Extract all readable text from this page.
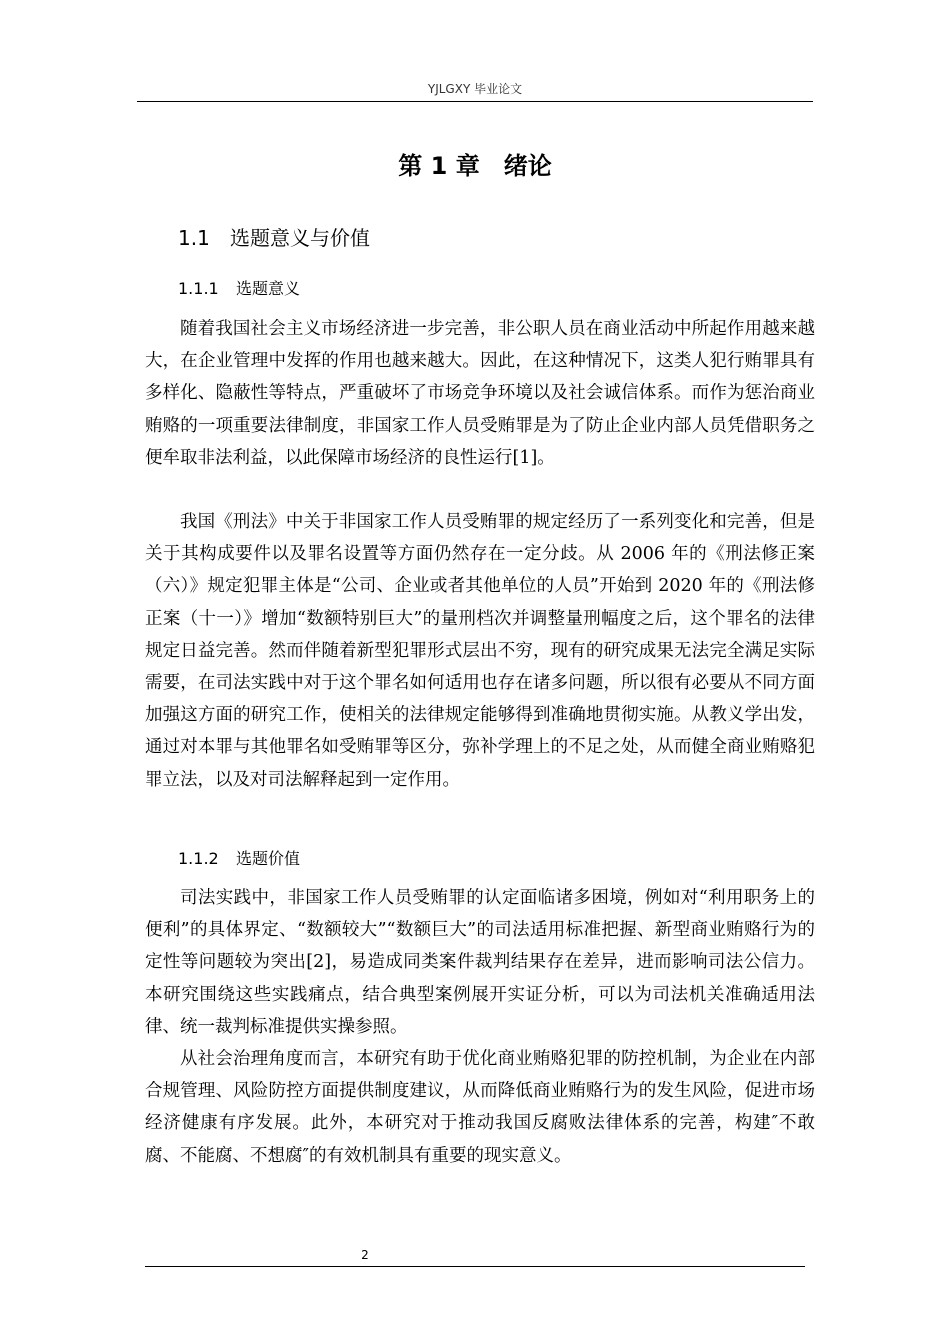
YJLGXY 毕业论文
第 1 章 绪论
1.1 选题意义与价值
1.1.1 选题意义

随着我国社会主义市场经济进一步完善，非公职人员在商业活动中所起作用越来越大，在企业管理中发挥的作用也越来越大。因此，在这种情况下，这类人犯行贿罪具有多样化、隐蔽性等特点，严重破坏了市场竞争环境以及社会诚信体系。而作为惩治商业贿赂的一项重要法律制度，非国家工作人员受贿罪是为了防止企业内部人员凭借职务之便牟取非法利益，以此保障市场经济的良性运行[1]。

我国《刑法》中关于非国家工作人员受贿罪的规定经历了一系列变化和完善，但是关于其构成要件以及罪名设置等方面仍然存在一定分歧。从 2006 年的《刑法修正案（六）》规定犯罪主体是“公司、企业或者其他单位的人员”开始到 2020 年的《刑法修正案（十一）》增加“数额特别巨大”的量刑档次并调整量刑幅度之后，这个罪名的法律规定日益完善。然而伴随着新型犯罪形式层出不穷，现有的研究成果无法完全满足实际需要，在司法实践中对于这个罪名如何适用也存在诸多问题，所以很有必要从不同方面加强这方面的研究工作，使相关的法律规定能够得到准确地贯彻实施。从教义学出发，通过对本罪与其他罪名如受贿罪等区分，弥补学理上的不足之处，从而健全商业贿赂犯罪立法，以及对司法解释起到一定作用。

1.1.2 选题价值

司法实践中，非国家工作人员受贿罪的认定面临诸多困境，例如对“利用职务上的便利”的具体界定、“数额较大”“数额巨大”的司法适用标准把握、新型商业贿赂行为的定性等问题较为突出[2]，易造成同类案件裁判结果存在差异，进而影响司法公信力。本研究围绕这些实践痛点，结合典型案例展开实证分析，可以为司法机关准确适用法律、统一裁判标准提供实操参照。

从社会治理角度而言，本研究有助于优化商业贿赂犯罪的防控机制，为企业在内部合规管理、风险防控方面提供制度建议，从而降低商业贿赂行为的发生风险，促进市场经济健康有序发展。此外，本研究对于推动我国反腐败法律体系的完善，构建″不敢腐、不能腐、不想腐″的有效机制具有重要的现实意义。

2
